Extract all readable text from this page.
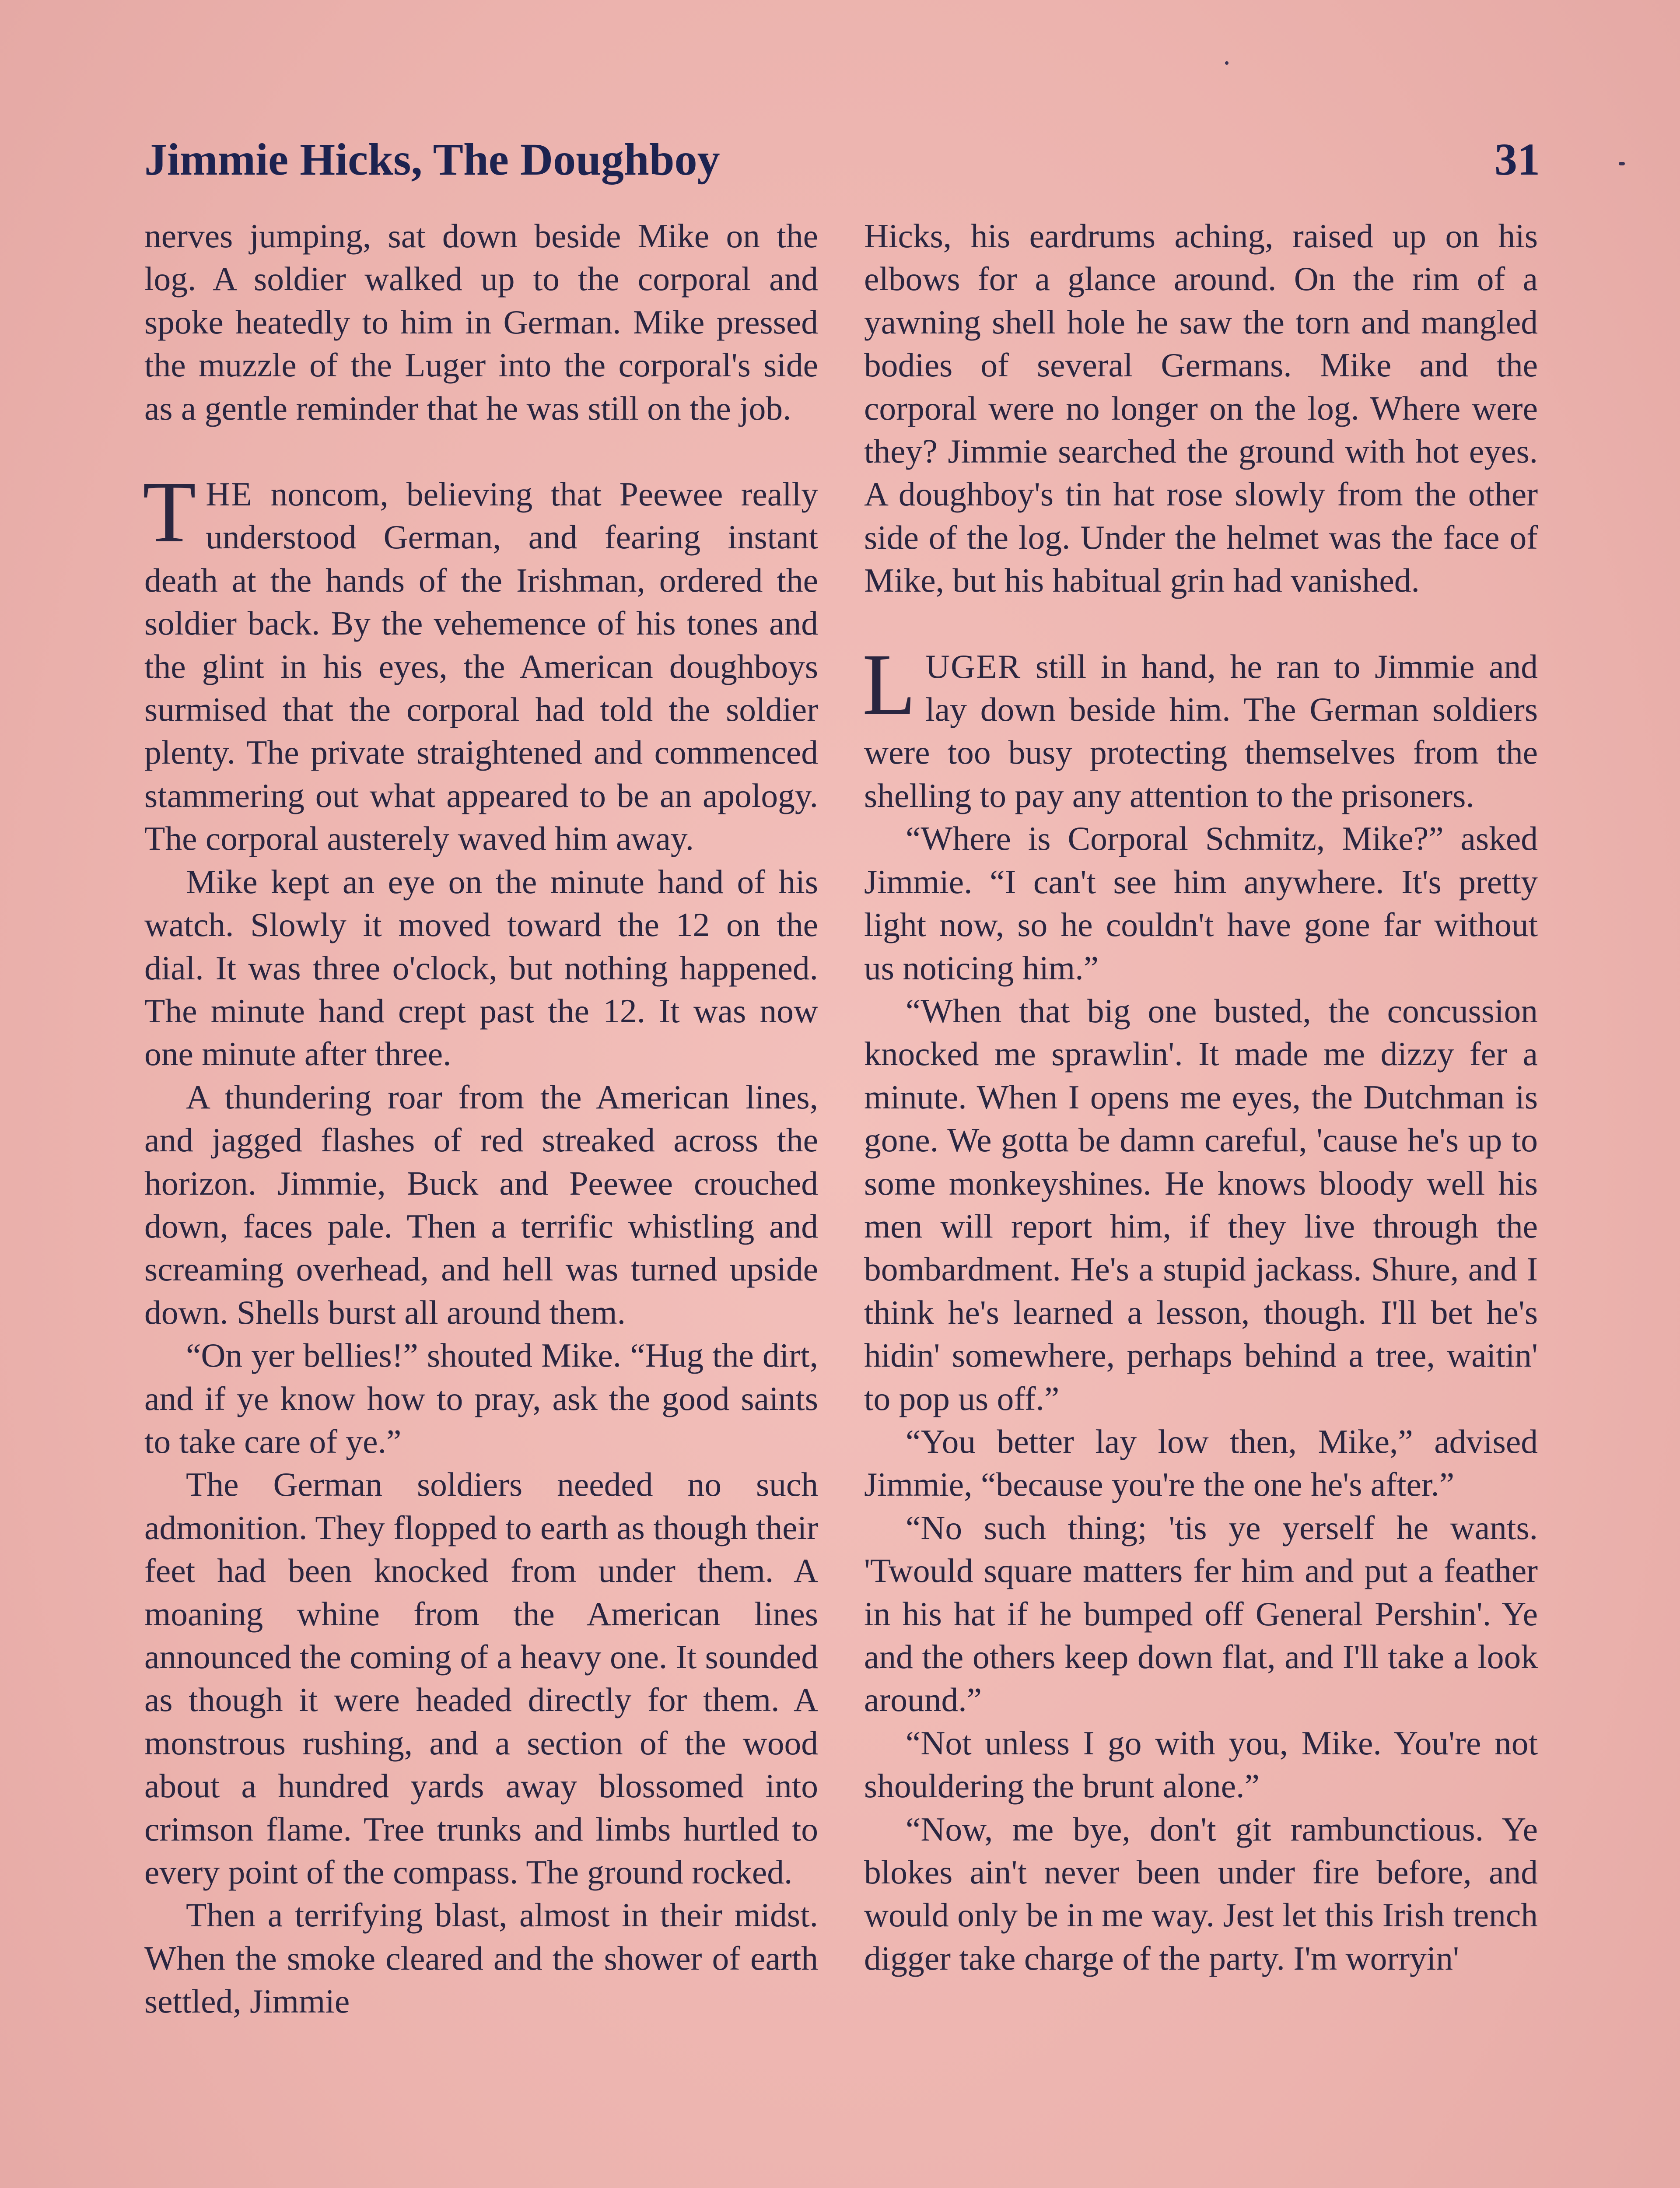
Jimmie Hicks, The Doughboy	31

nerves jumping, sat down beside Mike on the log. A soldier walked up to the corporal and spoke heatedly to him in German. Mike pressed the muzzle of the Luger into the corporal's side as a gentle reminder that he was still on the job.

THE noncom, believing that Peewee really understood German, and fearing instant death at the hands of the Irishman, ordered the soldier back. By the vehemence of his tones and the glint in his eyes, the American doughboys surmised that the corporal had told the soldier plenty. The private straightened and commenced stammering out what appeared to be an apology. The corporal austerely waved him away.

Mike kept an eye on the minute hand of his watch. Slowly it moved toward the 12 on the dial. It was three o'clock, but nothing happened. The minute hand crept past the 12. It was now one minute after three.

A thundering roar from the American lines, and jagged flashes of red streaked across the horizon. Jimmie, Buck and Peewee crouched down, faces pale. Then a terrific whistling and screaming overhead, and hell was turned upside down. Shells burst all around them.

“On yer bellies!” shouted Mike. “Hug the dirt, and if ye know how to pray, ask the good saints to take care of ye.”

The German soldiers needed no such admonition. They flopped to earth as though their feet had been knocked from under them. A moaning whine from the American lines announced the coming of a heavy one. It sounded as though it were headed directly for them. A monstrous rushing, and a section of the wood about a hundred yards away blossomed into crimson flame. Tree trunks and limbs hurtled to every point of the compass. The ground rocked.

Then a terrifying blast, almost in their midst. When the smoke cleared and the shower of earth settled, Jimmie

Hicks, his eardrums aching, raised up on his elbows for a glance around. On the rim of a yawning shell hole he saw the torn and mangled bodies of several Germans. Mike and the corporal were no longer on the log. Where were they? Jimmie searched the ground with hot eyes. A doughboy's tin hat rose slowly from the other side of the log. Under the helmet was the face of Mike, but his habitual grin had vanished.

LUGER still in hand, he ran to Jimmie and lay down beside him. The German soldiers were too busy protecting themselves from the shelling to pay any attention to the prisoners.

“Where is Corporal Schmitz, Mike?” asked Jimmie. “I can't see him anywhere. It's pretty light now, so he couldn't have gone far without us noticing him.”

“When that big one busted, the concussion knocked me sprawlin'. It made me dizzy fer a minute. When I opens me eyes, the Dutchman is gone. We gotta be damn careful, 'cause he's up to some monkeyshines. He knows bloody well his men will report him, if they live through the bombardment. He's a stupid jackass. Shure, and I think he's learned a lesson, though. I'll bet he's hidin' somewhere, perhaps behind a tree, waitin' to pop us off.”

“You better lay low then, Mike,” advised Jimmie, “because you're the one he's after.”

“No such thing; 'tis ye yerself he wants. 'Twould square matters fer him and put a feather in his hat if he bumped off General Pershin'. Ye and the others keep down flat, and I'll take a look around.”

“Not unless I go with you, Mike. You're not shouldering the brunt alone.”

“Now, me bye, don't git rambunctious. Ye blokes ain't never been under fire before, and would only be in me way. Jest let this Irish trench digger take charge of the party. I'm worryin'
